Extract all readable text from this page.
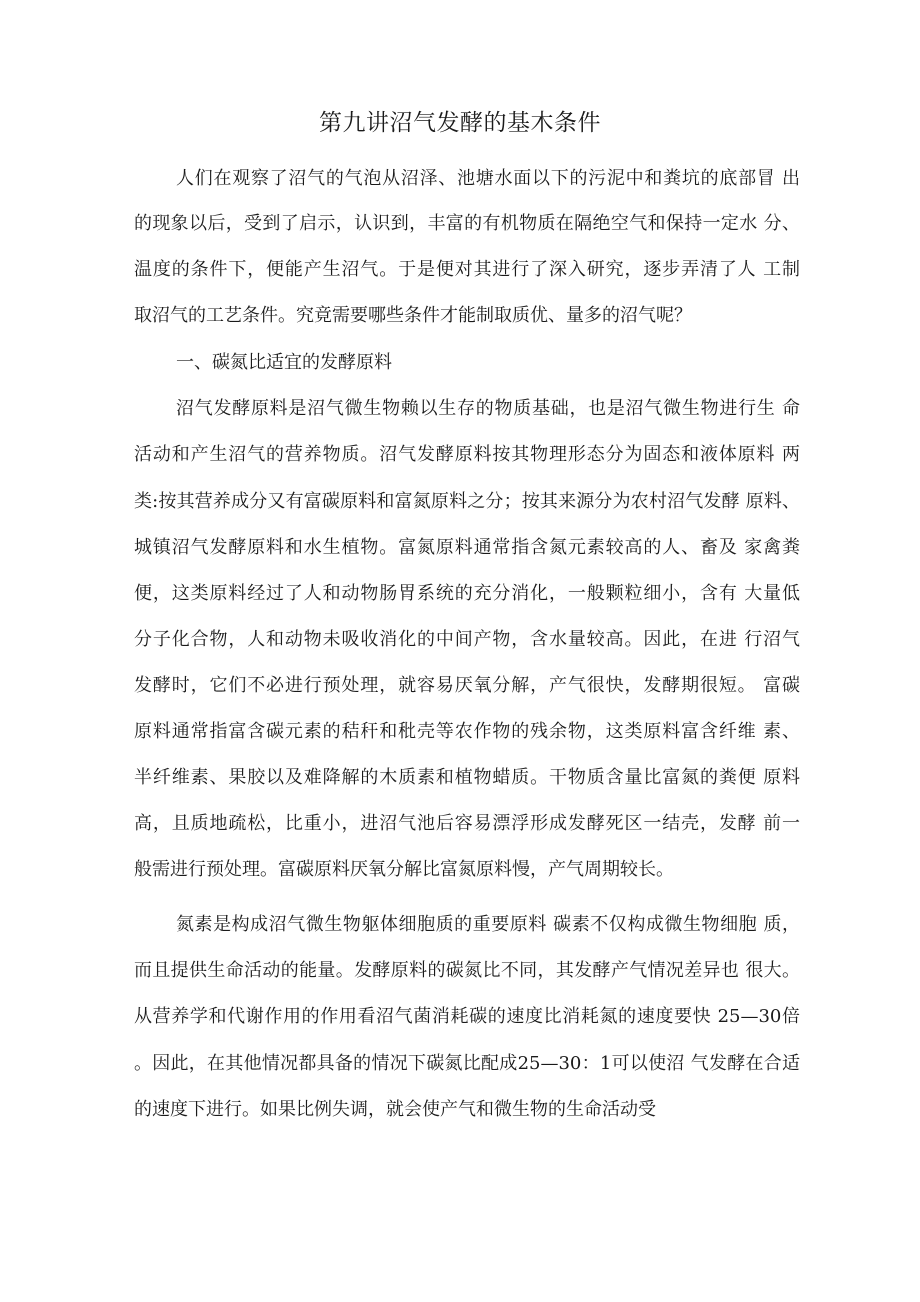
第九讲沼气发酵的基木条件
人们在观察了沼气的气泡从沼泽、池塘水面以下的污泥中和粪坑的底部冒 出
的现象以后，受到了启示，认识到，丰富的有机物质在隔绝空气和保持一定水 分、
温度的条件下，便能产生沼气。于是便对其进行了深入研究，逐步弄清了人 工制
取沼气的工艺条件。究竟需要哪些条件才能制取质优、量多的沼气呢？
一、碳氮比适宜的发酵原料
沼气发酵原料是沼气微生物赖以生存的物质基础，也是沼气微生物进行生 命
活动和产生沼气的营养物质。沼气发酵原料按其物理形态分为固态和液体原料 两
类:按其营养成分又有富碳原料和富氮原料之分；按其来源分为农村沼气发酵 原料、
城镇沼气发酵原料和水生植物。富氮原料通常指含氮元素较高的人、畜及 家禽粪
便，这类原料经过了人和动物肠胃系统的充分消化，一般颗粒细小，含有 大量低
分子化合物，人和动物未吸收消化的中间产物，含水量较高。因此，在进 行沼气
发酵时，它们不必进行预处理，就容易厌氧分解，产气很快，发酵期很短。 富碳
原料通常指富含碳元素的秸秆和秕壳等农作物的残余物，这类原料富含纤维 素、
半纤维素、果胶以及难降解的木质素和植物蜡质。干物质含量比富氮的粪便 原料
高，且质地疏松，比重小，进沼气池后容易漂浮形成发酵死区一结壳，发酵 前一
般需进行预处理。富碳原料厌氧分解比富氮原料慢，产气周期较长。
氮素是构成沼气微生物躯体细胞质的重要原料 碳素不仅构成微生物细胞 质，
而且提供生命活动的能量。发酵原料的碳氮比不同，其发酵产气情况差异也 很大。
从营养学和代谢作用的作用看沼气菌消耗碳的速度比消耗氮的速度要快 25—30倍
。因此，在其他情况都具备的情况下碳氮比配成25—30：1可以使沼 气发酵在合适
的速度下进行。如果比例失调，就会使产气和微生物的生命活动受
